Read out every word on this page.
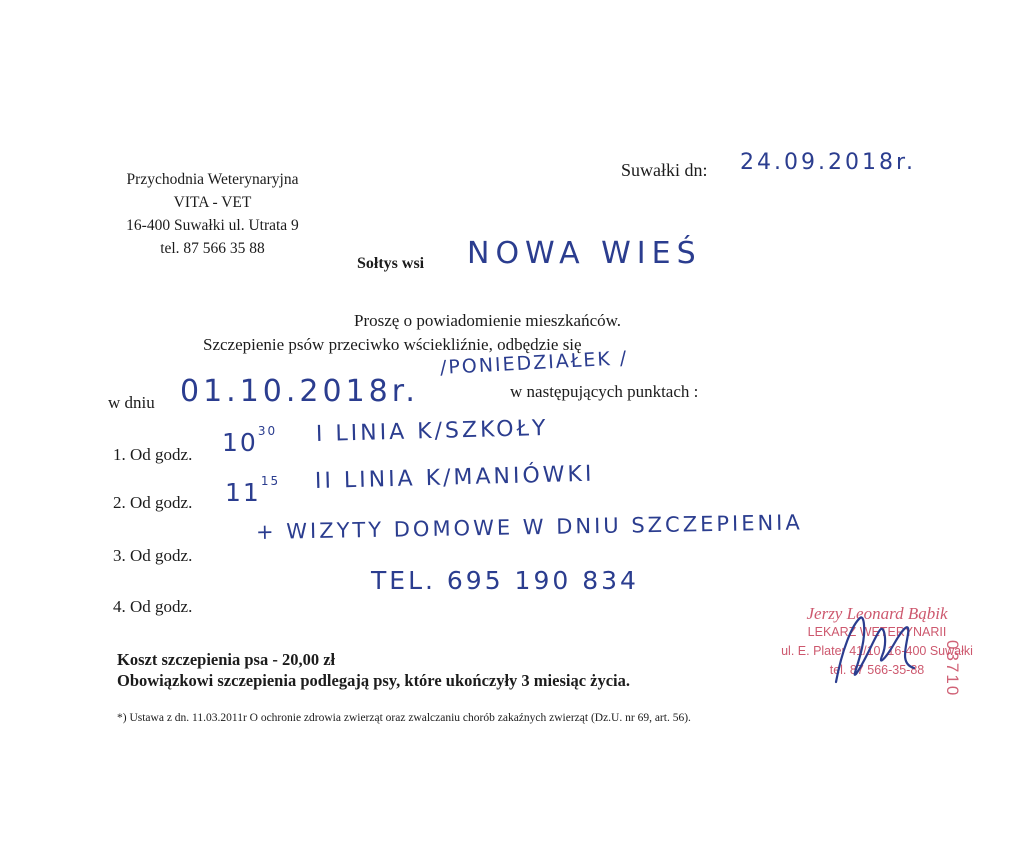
Przychodnia Weterynaryjna
VITA - VET
16-400 Suwałki ul. Utrata 9
tel. 87 566 35 88
Suwałki dn: 24.09.2018r.
Sołtys wsi NOWA WIEŚ
Proszę o powiadomienie mieszkańców.
Szczepienie psów przeciwko wściekliźnie, odbędzie się
/PONIEDZIAŁEK /
w dniu 01.10.2018r.	w następujących punktach :
1. Od godz. $10^{30}$ I LINIA K/SZKOŁY
2. Od godz. $11^{15}$ II LINIA K/MANIÓWKI
3. Od godz.
+ WIZYTY DOMOWE W DNIU SZCZEPIENIA
4. Od godz.
TEL. 695 190 834
Jerzy Leonard Bąbik
LEKARZ WETERYNARII
ul. E. Plater 41/10, 16-400 Suwałki
tel. 87 566-35-88	03710
Koszt szczepienia psa - 20,00 zł
Obowiązkowi szczepienia podlegają psy, które ukończyły 3 miesiąc życia.
*) Ustawa z dn. 11.03.2011r O ochronie zdrowia zwierząt oraz zwalczaniu chorób zakaźnych zwierząt (Dz.U. nr 69, art. 56).
